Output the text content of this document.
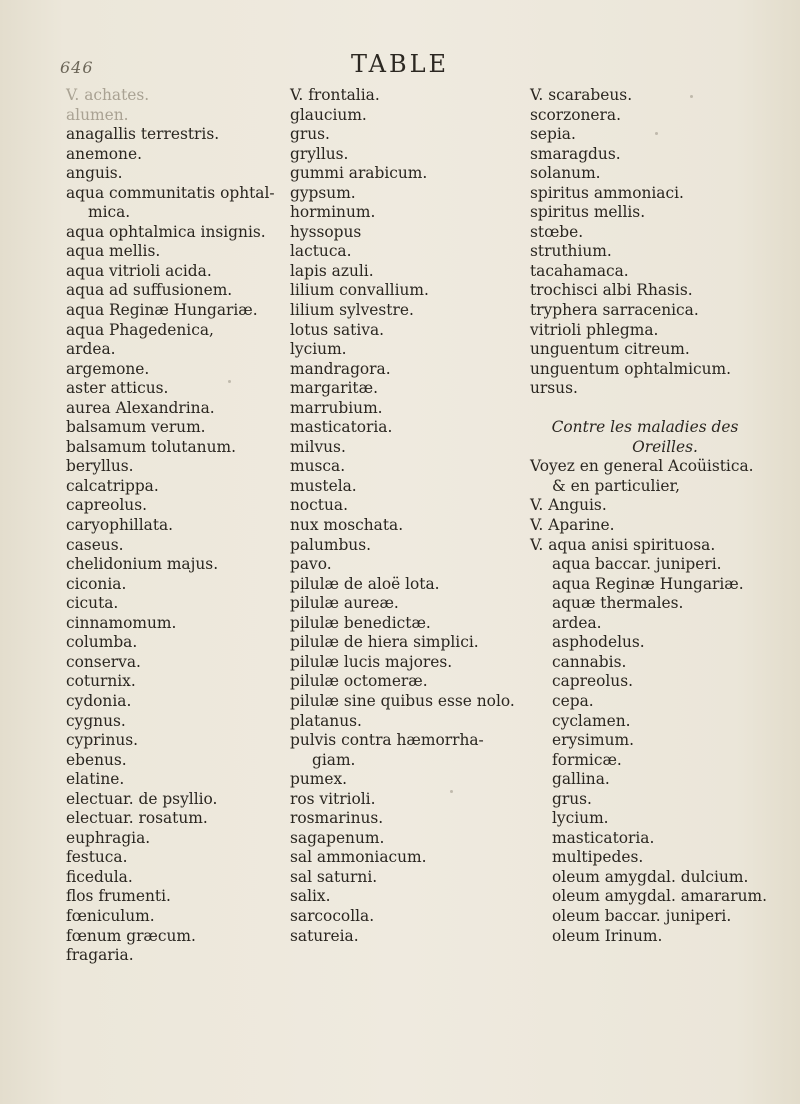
646	TABLE
V. achates.
alumen.
anagallis terrestris.
anemone.
anguis.
aqua communitatis ophtal-
mica.
aqua ophtalmica insignis.
aqua mellis.
aqua vitrioli acida.
aqua ad suffusionem.
aqua Reginæ Hungariæ.
aqua Phagedenica,
ardea.
argemone.
aster atticus.
aurea Alexandrina.
balsamum verum.
balsamum tolutanum.
beryllus.
calcatrippa.
capreolus.
caryophillata.
caseus.
chelidonium majus.
ciconia.
cicuta.
cinnamomum.
columba.
conserva.
coturnix.
cydonia.
cygnus.
cyprinus.
ebenus.
elatine.
electuar. de psyllio.
electuar. rosatum.
euphragia.
festuca.
ficedula.
flos frumenti.
fœniculum.
fœnum græcum.
fragaria.
V. frontalia.
glaucium.
grus.
gryllus.
gummi arabicum.
gypsum.
horminum.
hyssopus
lactuca.
lapis azuli.
lilium convallium.
lilium sylvestre.
lotus sativa.
lycium.
mandragora.
margaritæ.
marrubium.
masticatoria.
milvus.
musca.
mustela.
noctua.
nux moschata.
palumbus.
pavo.
pilulæ de aloë lota.
pilulæ aureæ.
pilulæ benedictæ.
pilulæ de hiera simplici.
pilulæ lucis majores.
pilulæ octomeræ.
pilulæ sine quibus esse nolo.
platanus.
pulvis contra hæmorrha-
giam.
pumex.
ros vitrioli.
rosmarinus.
sagapenum.
sal ammoniacum.
sal saturni.
salix.
sarcocolla.
satureia.
V. scarabeus.
scorzonera.
sepia.
smaragdus.
solanum.
spiritus ammoniaci.
spiritus mellis.
stœbe.
struthium.
tacahamaca.
trochisci albi Rhasis.
tryphera sarracenica.
vitrioli phlegma.
unguentum citreum.
unguentum ophtalmicum.
ursus.
Contre les maladies des
Oreilles.
Voyez en general Acoüistica.
& en particulier,
V. Anguis.
V. Aparine.
V. aqua anisi spirituosa.
aqua baccar. juniperi.
aqua Reginæ Hungariæ.
aquæ thermales.
ardea.
asphodelus.
cannabis.
capreolus.
cepa.
cyclamen.
erysimum.
formicæ.
gallina.
grus.
lycium.
masticatoria.
multipedes.
oleum amygdal. dulcium.
oleum amygdal. amararum.
oleum baccar. juniperi.
oleum Irinum.
